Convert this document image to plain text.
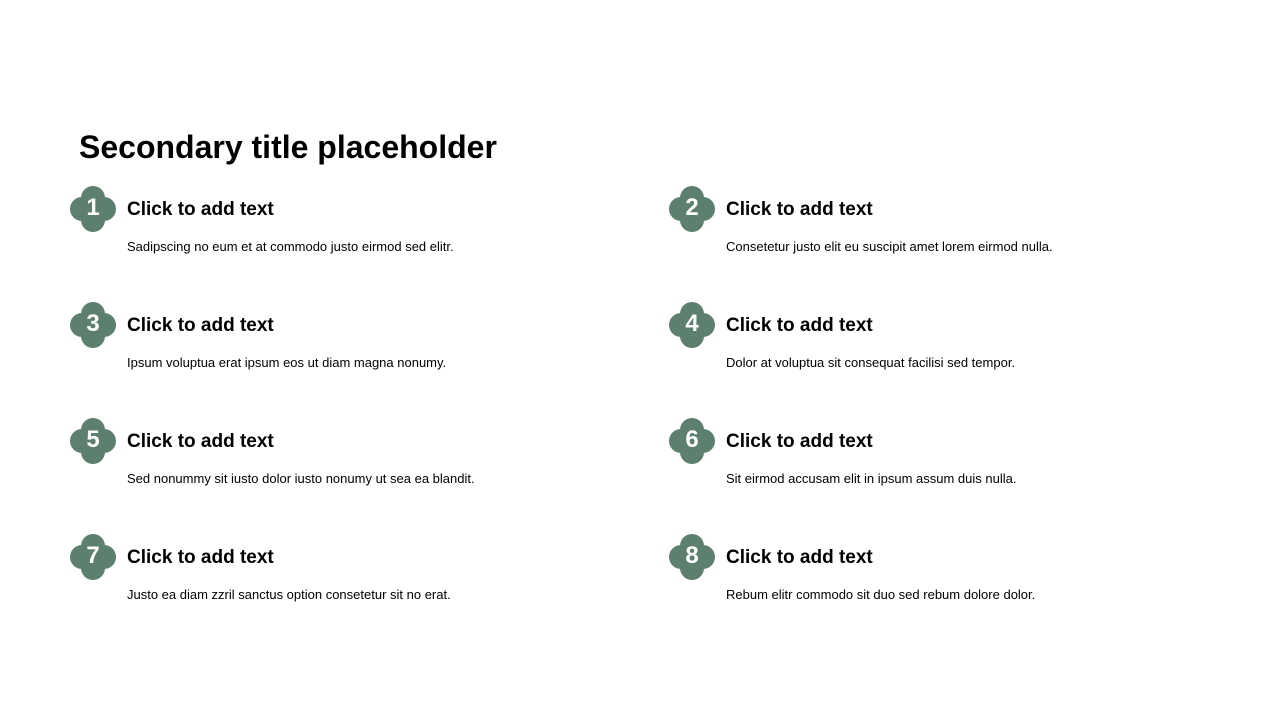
Secondary title placeholder
1	Click to add text
Sadipscing no eum et at commodo justo eirmod sed elitr.
2	Click to add text
Consetetur justo elit eu suscipit amet lorem eirmod nulla.
3	Click to add text
Ipsum voluptua erat ipsum eos ut diam magna nonumy.
4	Click to add text
Dolor at voluptua sit consequat facilisi sed tempor.
5	Click to add text
Sed nonummy sit iusto dolor iusto nonumy ut sea ea blandit.
6	Click to add text
Sit eirmod accusam elit in ipsum assum duis nulla.
7	Click to add text
Justo ea diam zzril sanctus option consetetur sit no erat.
8	Click to add text
Rebum elitr commodo sit duo sed rebum dolore dolor.
